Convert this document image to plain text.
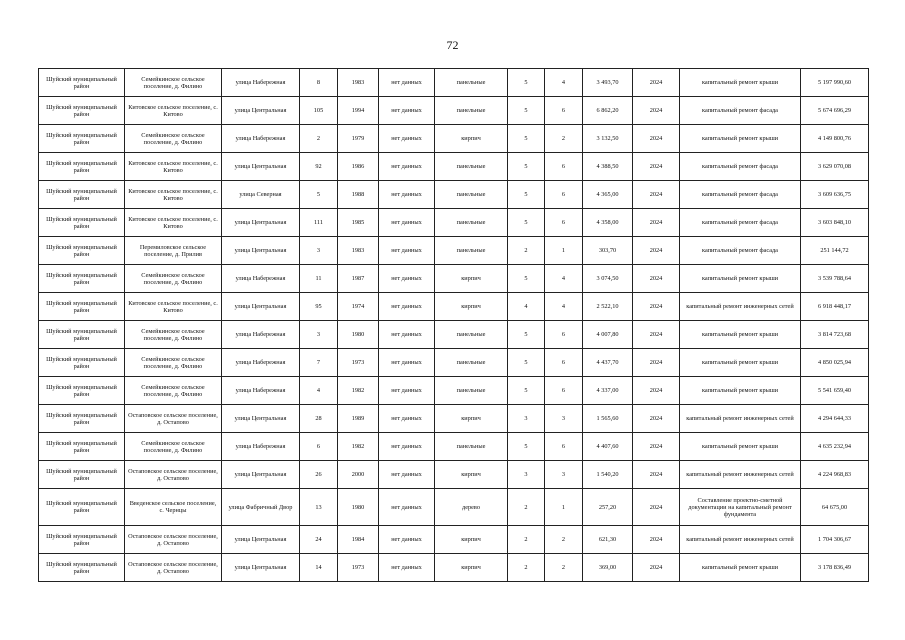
72
Шуйский муниципальный район	Семейкинское сельское поселение, д. Филино	улица Набережная	8	1983	нет данных	панельные	5	4	3 493,70	2024	капитальный ремонт крыши	5 197 990,60
Шуйский муниципальный район	Китовское сельское поселение, с. Китово	улица Центральная	105	1994	нет данных	панельные	5	6	6 862,20	2024	капитальный ремонт фасада	5 674 696,29
Шуйский муниципальный район	Семейкинское сельское поселение, д. Филино	улица Набережная	2	1979	нет данных	кирпич	5	2	3 132,50	2024	капитальный ремонт крыши	4 149 800,76
Шуйский муниципальный район	Китовское сельское поселение, с. Китово	улица Центральная	92	1986	нет данных	панельные	5	6	4 388,50	2024	капитальный ремонт фасада	3 629 070,08
Шуйский муниципальный район	Китовское сельское поселение, с. Китово	улица Северная	5	1988	нет данных	панельные	5	6	4 365,00	2024	капитальный ремонт фасада	3 609 636,75
Шуйский муниципальный район	Китовское сельское поселение, с. Китово	улица Центральная	111	1985	нет данных	панельные	5	6	4 358,00	2024	капитальный ремонт фасада	3 603 848,10
Шуйский муниципальный район	Перемиловское сельское поселение, д. Прилив	улица Центральная	3	1983	нет данных	панельные	2	1	303,70	2024	капитальный ремонт фасада	251 144,72
Шуйский муниципальный район	Семейкинское сельское поселение, д. Филино	улица Набережная	11	1987	нет данных	кирпич	5	4	3 074,50	2024	капитальный ремонт крыши	3 539 788,64
Шуйский муниципальный район	Китовское сельское поселение, с. Китово	улица Центральная	95	1974	нет данных	кирпич	4	4	2 522,10	2024	капитальный ремонт инженерных сетей	6 918 448,17
Шуйский муниципальный район	Семейкинское сельское поселение, д. Филино	улица Набережная	3	1980	нет данных	панельные	5	6	4 007,80	2024	капитальный ремонт крыши	3 814 723,68
Шуйский муниципальный район	Семейкинское сельское поселение, д. Филино	улица Набережная	7	1973	нет данных	панельные	5	6	4 437,70	2024	капитальный ремонт крыши	4 850 025,94
Шуйский муниципальный район	Семейкинское сельское поселение, д. Филино	улица Набережная	4	1982	нет данных	панельные	5	6	4 337,00	2024	капитальный ремонт крыши	5 541 659,40
Шуйский муниципальный район	Остаповское сельское поселение, д. Остапово	улица Центральная	28	1989	нет данных	кирпич	3	3	1 565,60	2024	капитальный ремонт инженерных сетей	4 294 644,33
Шуйский муниципальный район	Семейкинское сельское поселение, д. Филино	улица Набережная	6	1982	нет данных	панельные	5	6	4 407,60	2024	капитальный ремонт крыши	4 635 232,94
Шуйский муниципальный район	Остаповское сельское поселение, д. Остапово	улица Центральная	26	2000	нет данных	кирпич	3	3	1 540,20	2024	капитальный ремонт инженерных сетей	4 224 968,83
Шуйский муниципальный район	Введенское сельское поселение, с. Чернцы	улица Фабричный Двор	13	1980	нет данных	дерево	2	1	257,20	2024	Составление проектно-сметной документации на капитальный ремонт фундамента	64 675,00
Шуйский муниципальный район	Остаповское сельское поселение, д. Остапово	улица Центральная	24	1984	нет данных	кирпич	2	2	621,30	2024	капитальный ремонт инженерных сетей	1 704 306,67
Шуйский муниципальный район	Остаповское сельское поселение, д. Остапово	улица Центральная	14	1973	нет данных	кирпич	2	2	369,00	2024	капитальный ремонт крыши	3 178 836,49
